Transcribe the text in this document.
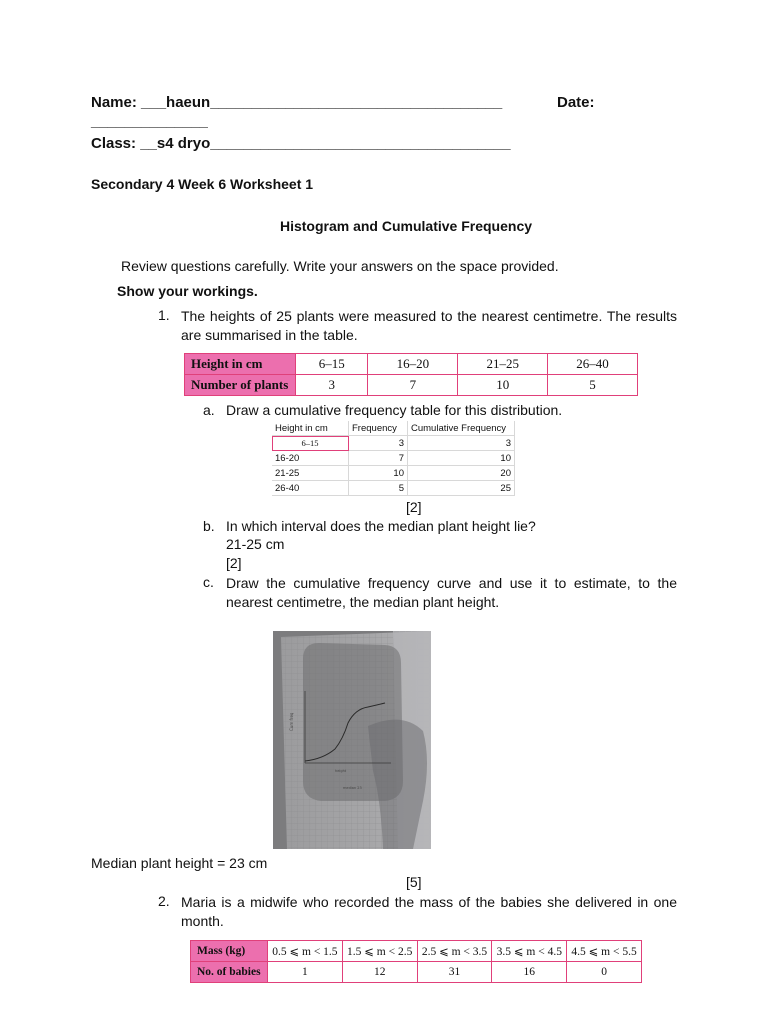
Name: ___haeun___________________________________	Date:
______________
Class: __s4 dryo____________________________________
Secondary 4 Week 6 Worksheet 1
Histogram and Cumulative Frequency
Review questions carefully. Write your answers on the space provided.
Show your workings.
1. The heights of 25 plants were measured to the nearest centimetre. The results are summarised in the table.
Height in cm	6–15	16–20	21–25	26–40
Number of plants	3	7	10	5
a. Draw a cumulative frequency table for this distribution.
Height in cm	Frequency	Cumulative Frequency
6–15	3	3
16-20	7	10
21-25	10	20
26-40	5	25
[2]
b. In which interval does the median plant height lie?
21-25 cm
[2]
c. Draw the cumulative frequency curve and use it to estimate, to the nearest centimetre, the median plant height.
Cum freq
height
median 23
Median plant height = 23 cm
[5]
2. Maria is a midwife who recorded the mass of the babies she delivered in one month.
Mass (kg)	0.5 ⩽ m < 1.5	1.5 ⩽ m < 2.5	2.5 ⩽ m < 3.5	3.5 ⩽ m < 4.5	4.5 ⩽ m < 5.5
No. of babies	1	12	31	16	0
